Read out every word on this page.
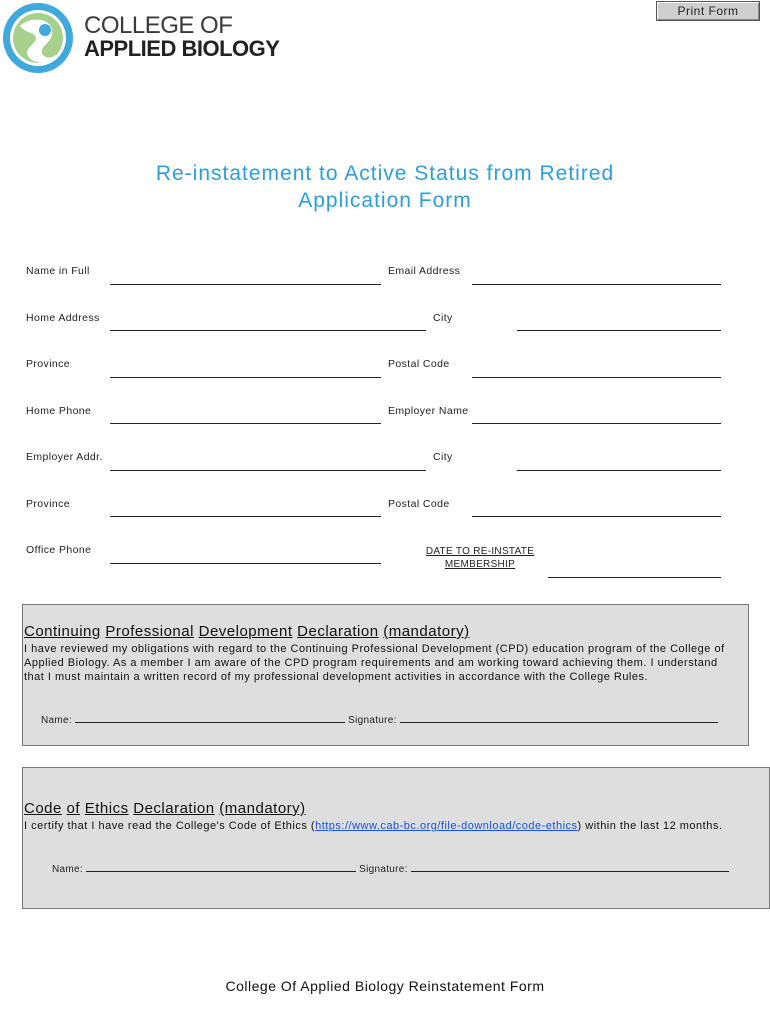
Print Form
COLLEGE OF
APPLIED BIOLOGY
Re-instatement to Active Status from Retired
Application Form
Name in Full	Email Address
Home Address	City
Province	Postal Code
Home Phone	Employer Name
Employer Addr.	City
Province	Postal Code
Office Phone	DATE TO RE-INSTATE
MEMBERSHIP
Continuing Professional Development Declaration (mandatory)
I have reviewed my obligations with regard to the Continuing Professional Development (CPD) education program of the College of Applied Biology. As a member I am aware of the CPD program requirements and am working toward achieving them. I understand that I must maintain a written record of my professional development activities in accordance with the College Rules.
Name:	Signature:
Code of Ethics Declaration (mandatory)
I certify that I have read the College's Code of Ethics (https://www.cab-bc.org/file-download/code-ethics) within the last 12 months.
Name:	Signature:
College Of Applied Biology Reinstatement Form
